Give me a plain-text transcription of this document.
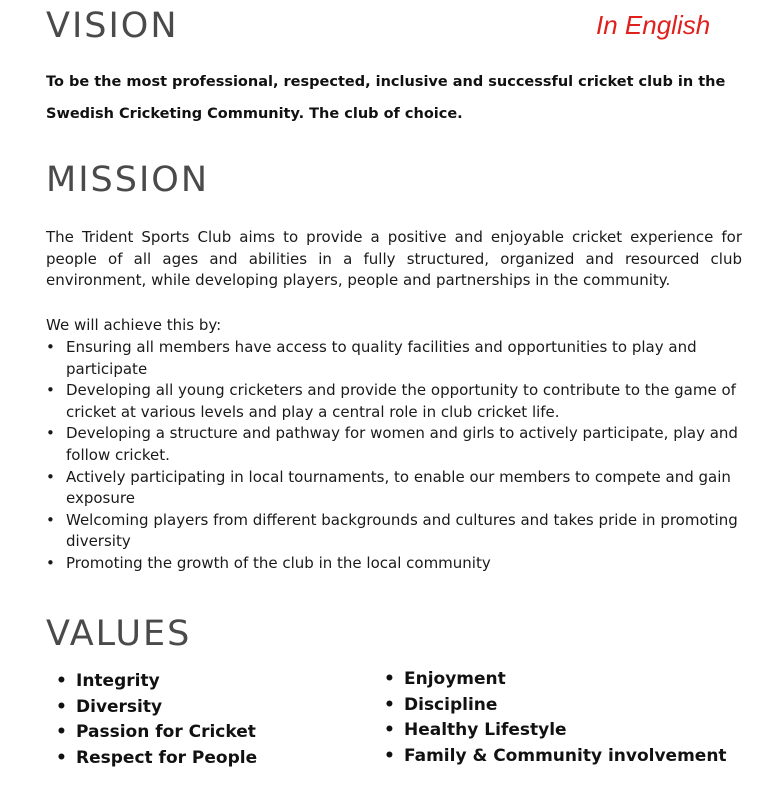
VISION	In English

To be the most professional, respected, inclusive and successful cricket club in the Swedish Cricketing Community. The club of choice.

MISSION

The Trident Sports Club aims to provide a positive and enjoyable cricket experience for people of all ages and abilities in a fully structured, organized and resourced club environment, while developing players, people and partnerships in the community.

We will achieve this by:

• Ensuring all members have access to quality facilities and opportunities to play and participate
• Developing all young cricketers and provide the opportunity to contribute to the game of cricket at various levels and play a central role in club cricket life.
• Developing a structure and pathway for women and girls to actively participate, play and follow cricket.
• Actively participating in local tournaments, to enable our members to compete and gain exposure
• Welcoming players from different backgrounds and cultures and takes pride in promoting diversity
• Promoting the growth of the club in the local community
VALUES
• Integrity
• Diversity
• Passion for Cricket
• Respect for People
• Enjoyment
• Discipline
• Healthy Lifestyle
• Family & Community involvement
